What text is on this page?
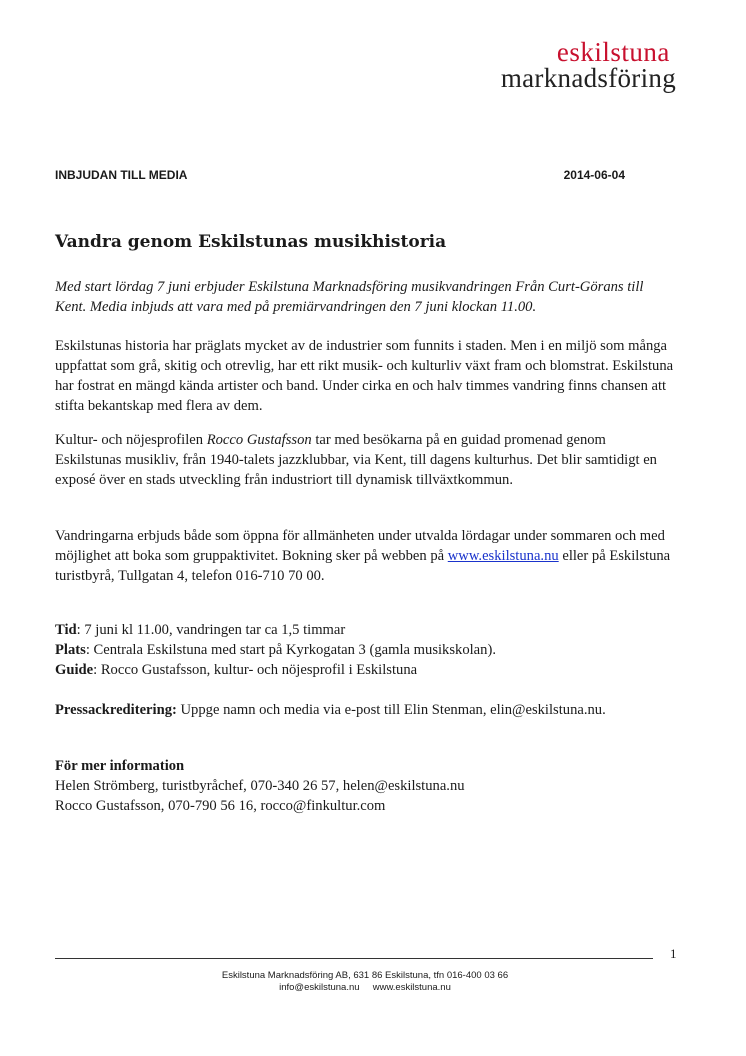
eskilstuna
marknadsföring
INBJUDAN TILL MEDIA	2014-06-04
Vandra genom Eskilstunas musikhistoria

Med start lördag 7 juni erbjuder Eskilstuna Marknadsföring musikvandringen Från Curt-Görans till Kent. Media inbjuds att vara med på premiärvandringen den 7 juni klockan 11.00.

Eskilstunas historia har präglats mycket av de industrier som funnits i staden. Men i en miljö som många uppfattat som grå, skitig och otrevlig, har ett rikt musik- och kulturliv växt fram och blomstrat. Eskilstuna har fostrat en mängd kända artister och band. Under cirka en och halv timmes vandring finns chansen att stifta bekantskap med flera av dem.

Kultur- och nöjesprofilen Rocco Gustafsson tar med besökarna på en guidad promenad genom Eskilstunas musikliv, från 1940-talets jazzklubbar, via Kent, till dagens kulturhus. Det blir samtidigt en exposé över en stads utveckling från industriort till dynamisk tillväxtkommun.

Vandringarna erbjuds både som öppna för allmänheten under utvalda lördagar under sommaren och med möjlighet att boka som gruppaktivitet. Bokning sker på webben på www.eskilstuna.nu eller på Eskilstuna turistbyrå, Tullgatan 4, telefon 016-710 70 00.

Tid: 7 juni kl 11.00, vandringen tar ca 1,5 timmar
Plats: Centrala Eskilstuna med start på Kyrkogatan 3 (gamla musikskolan).
Guide: Rocco Gustafsson, kultur- och nöjesprofil i Eskilstuna

Pressackreditering: Uppge namn och media via e-post till Elin Stenman, elin@eskilstuna.nu.

För mer information
Helen Strömberg, turistbyråchef, 070-340 26 57, helen@eskilstuna.nu
Rocco Gustafsson, 070-790 56 16, rocco@finkultur.com

1
Eskilstuna Marknadsföring AB, 631 86 Eskilstuna, tfn 016-400 03 66
info@eskilstuna.nu     www.eskilstuna.nu
